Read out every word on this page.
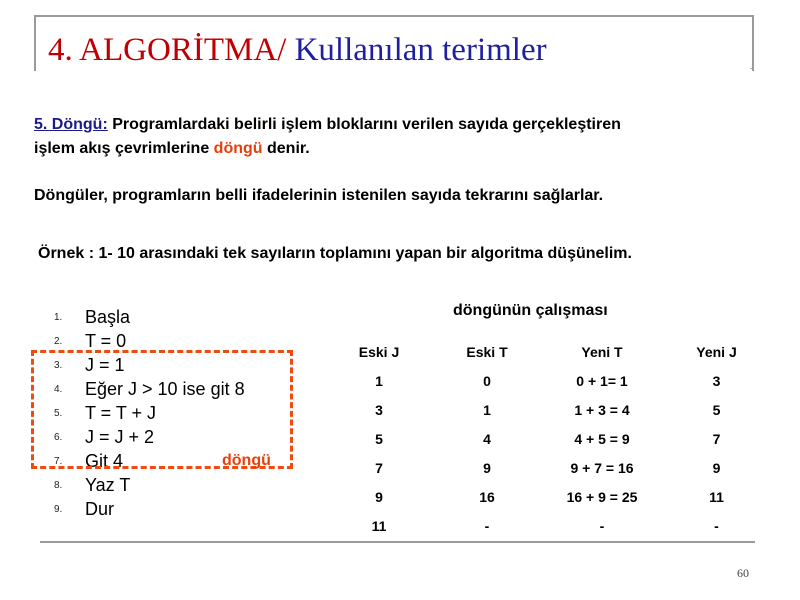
4. ALGORİTMA/ Kullanılan terimler	.
5. Döngü: Programlardaki belirli işlem bloklarını verilen sayıda gerçekleştiren
işlem akış çevrimlerine döngü denir.
Döngüler, programların belli ifadelerinin istenilen sayıda tekrarını sağlarlar.
Örnek : 1- 10 arasındaki tek sayıların toplamını yapan bir algoritma düşünelim.
1.	Başla
2.	T = 0
3.	J = 1
4.	Eğer J > 10 ise git 8
5.	T = T + J
6.	J = J + 2
7.	Git 4
8.	Yaz T
9.	Dur
döngü
döngünün çalışması
Eski J	Eski T	Yeni T	Yeni J
1	0	0 + 1= 1	3
3	1	1 + 3 = 4	5
5	4	4 + 5 = 9	7
7	9	9 + 7 = 16	9
9	16	16 + 9 = 25	11
11	-	-	-
60
